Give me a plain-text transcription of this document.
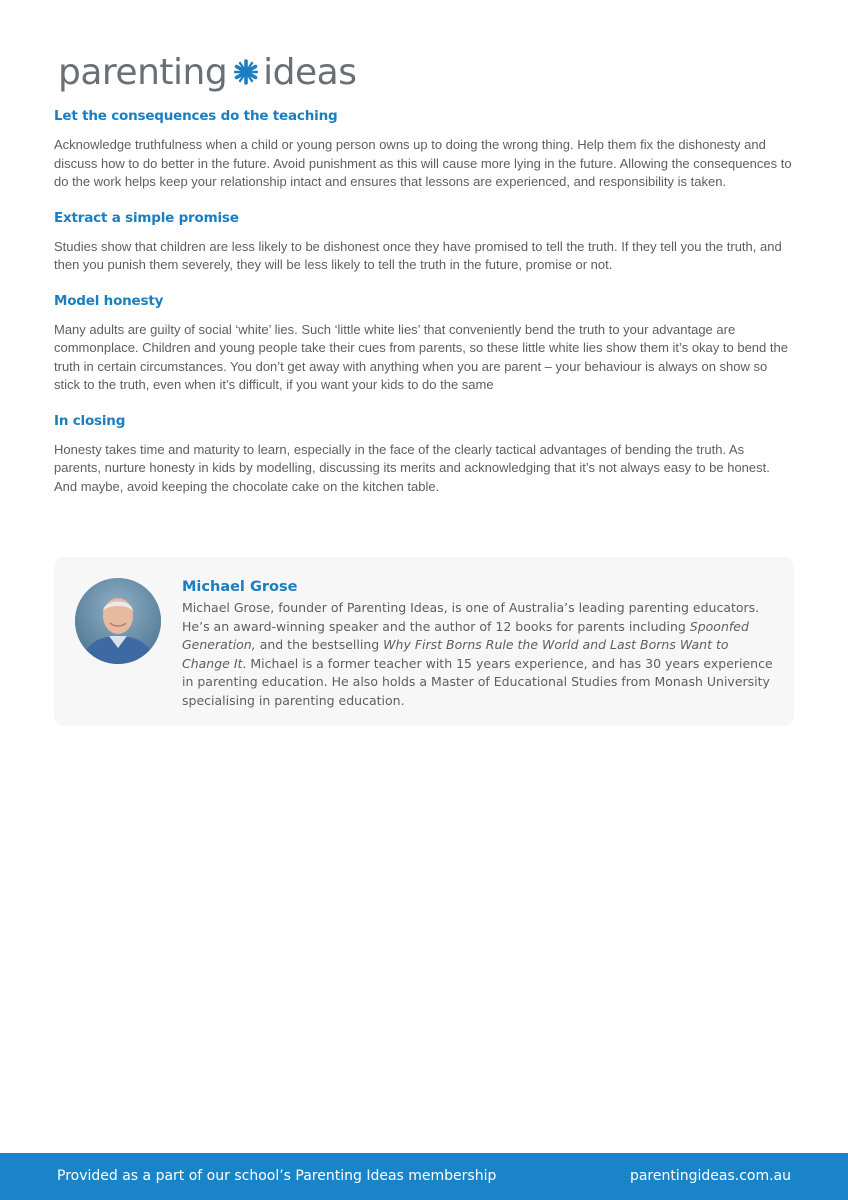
parenting ideas
Let the consequences do the teaching

Acknowledge truthfulness when a child or young person owns up to doing the wrong thing. Help them fix the dishonesty and discuss how to do better in the future. Avoid punishment as this will cause more lying in the future. Allowing the consequences to do the work helps keep your relationship intact and ensures that lessons are experienced, and responsibility is taken.

Extract a simple promise

Studies show that children are less likely to be dishonest once they have promised to tell the truth. If they tell you the truth, and then you punish them severely, they will be less likely to tell the truth in the future, promise or not.

Model honesty

Many adults are guilty of social ‘white’ lies. Such ‘little white lies’ that conveniently bend the truth to your advantage are commonplace. Children and young people take their cues from parents, so these little white lies show them it’s okay to bend the truth in certain circumstances. You don’t get away with anything when you are parent – your behaviour is always on show so stick to the truth, even when it’s difficult, if you want your kids to do the same

In closing

Honesty takes time and maturity to learn, especially in the face of the clearly tactical advantages of bending the truth. As parents, nurture honesty in kids by modelling, discussing its merits and acknowledging that it’s not always easy to be honest. And maybe, avoid keeping the chocolate cake on the kitchen table.

Michael Grose

Michael Grose, founder of Parenting Ideas, is one of Australia’s leading parenting educators. He’s an award-winning speaker and the author of 12 books for parents including Spoonfed Generation, and the bestselling Why First Borns Rule the World and Last Borns Want to Change It. Michael is a former teacher with 15 years experience, and has 30 years experience in parenting education. He also holds a Master of Educational Studies from Monash University specialising in parenting education.

Provided as a part of our school’s Parenting Ideas membership	parentingideas.com.au
